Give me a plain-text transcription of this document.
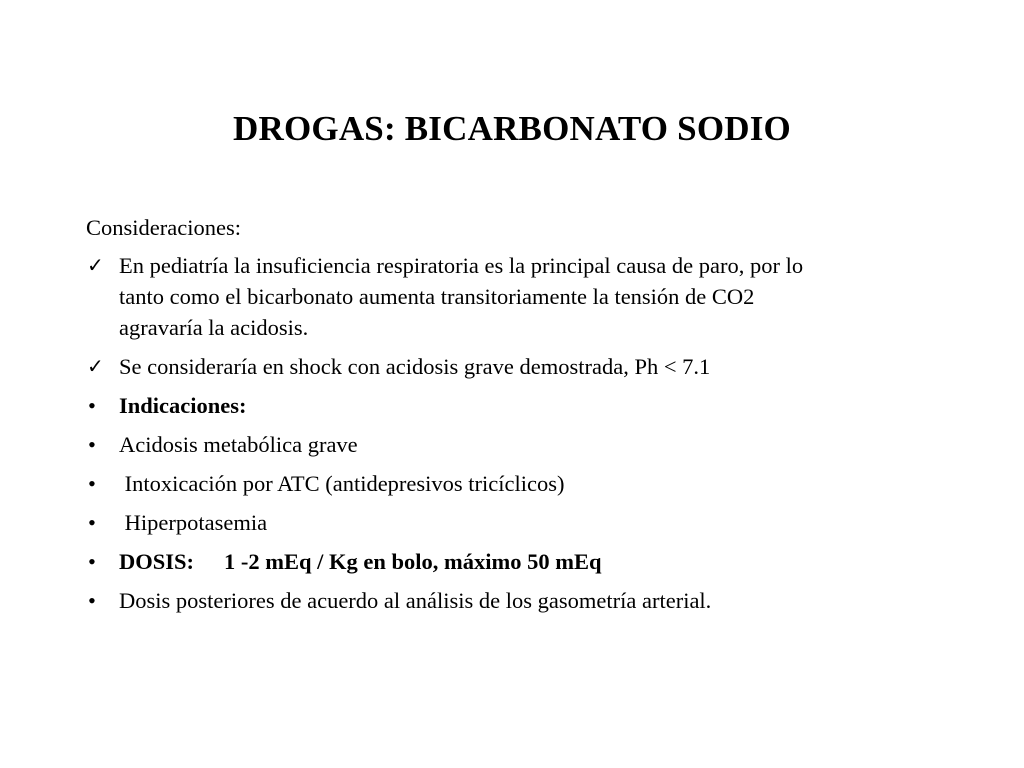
DROGAS: BICARBONATO SODIO
Consideraciones:
✓ En pediatría la insuficiencia respiratoria es la principal causa de paro, por lo
tanto como el bicarbonato aumenta transitoriamente la tensión de CO2
agravaría la acidosis.
✓ Se consideraría en shock con acidosis grave demostrada, Ph < 7.1
•	Indicaciones:
•	Acidosis metabólica grave
•	Intoxicación por ATC (antidepresivos tricíclicos)
•	Hiperpotasemia
•	DOSIS: 1 -2 mEq / Kg en bolo, máximo 50 mEq
•	Dosis posteriores de acuerdo al análisis de los gasometría arterial.
